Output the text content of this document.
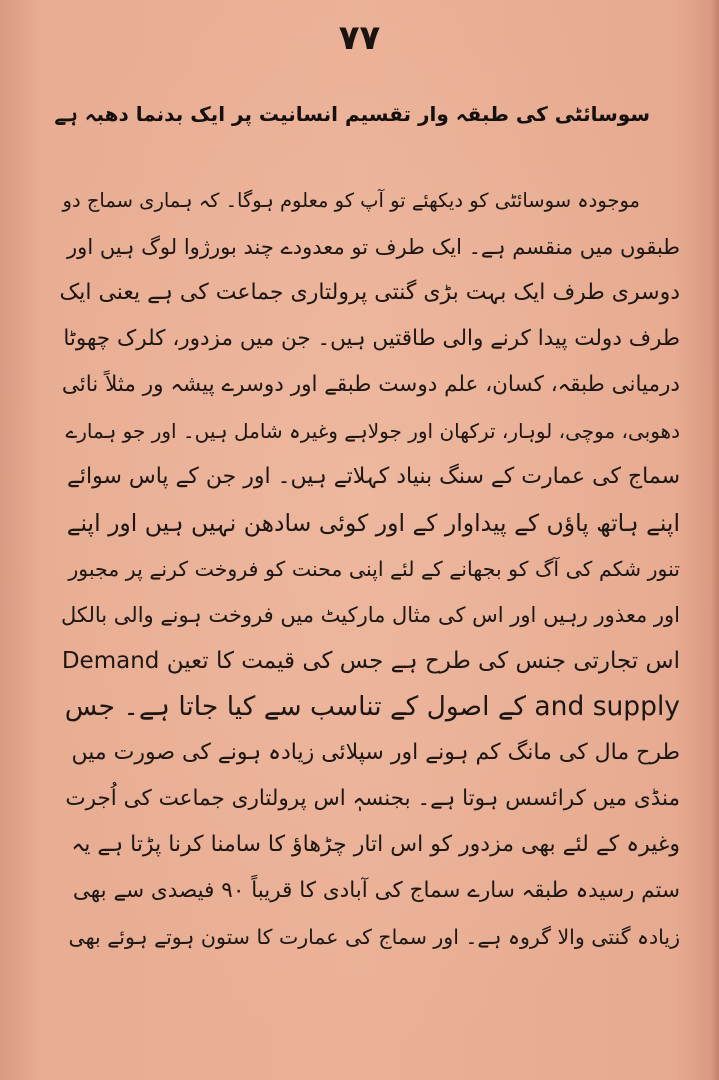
۷۷
سوسائٹی کی طبقہ وار تقسیم انسانیت پر ایک بدنما دھبہ ہے
موجودہ سوسائٹی کو دیکھئے تو آپ کو معلوم ہوگا۔ کہ ہماری سماج دو
طبقوں میں منقسم ہے۔ ایک طرف تو معدودے چند بورژوا لوگ ہیں اور
دوسری طرف ایک بہت بڑی گنتی پرولتاری جماعت کی ہے یعنی ایک
طرف دولت پیدا کرنے والی طاقتیں ہیں۔ جن میں مزدور، کلرک چھوٹا
درمیانی طبقہ، کسان، علم دوست طبقے اور دوسرے پیشہ ور مثلاً نائی
دھوبی، موچی، لوہار، ترکھان اور جولاہے وغیرہ شامل ہیں۔ اور جو ہمارے
سماج کی عمارت کے سنگ بنیاد کہلاتے ہیں۔ اور جن کے پاس سوائے
اپنے ہاتھ پاؤں کے پیداوار کے اور کوئی سادھن نہیں ہیں اور اپنے
تنور شکم کی آگ کو بجھانے کے لئے اپنی محنت کو فروخت کرنے پر مجبور
اور معذور رہیں اور اس کی مثال مارکیٹ میں فروخت ہونے والی بالکل
اس تجارتی جنس کی طرح ہے جس کی قیمت کا تعین Demand
and supply کے اصول کے تناسب سے کیا جاتا ہے۔ جس
طرح مال کی مانگ کم ہونے اور سپلائی زیادہ ہونے کی صورت میں
منڈی میں کرائسس ہوتا ہے۔ بجنسہٖ اس پرولتاری جماعت کی اُجرت
وغیرہ کے لئے بھی مزدور کو اس اتار چڑھاؤ کا سامنا کرنا پڑتا ہے یہ
ستم رسیدہ طبقہ سارے سماج کی آبادی کا قریباً ۹۰ فیصدی سے بھی
زیادہ گنتی والا گروہ ہے۔ اور سماج کی عمارت کا ستون ہوتے ہوئے بھی
